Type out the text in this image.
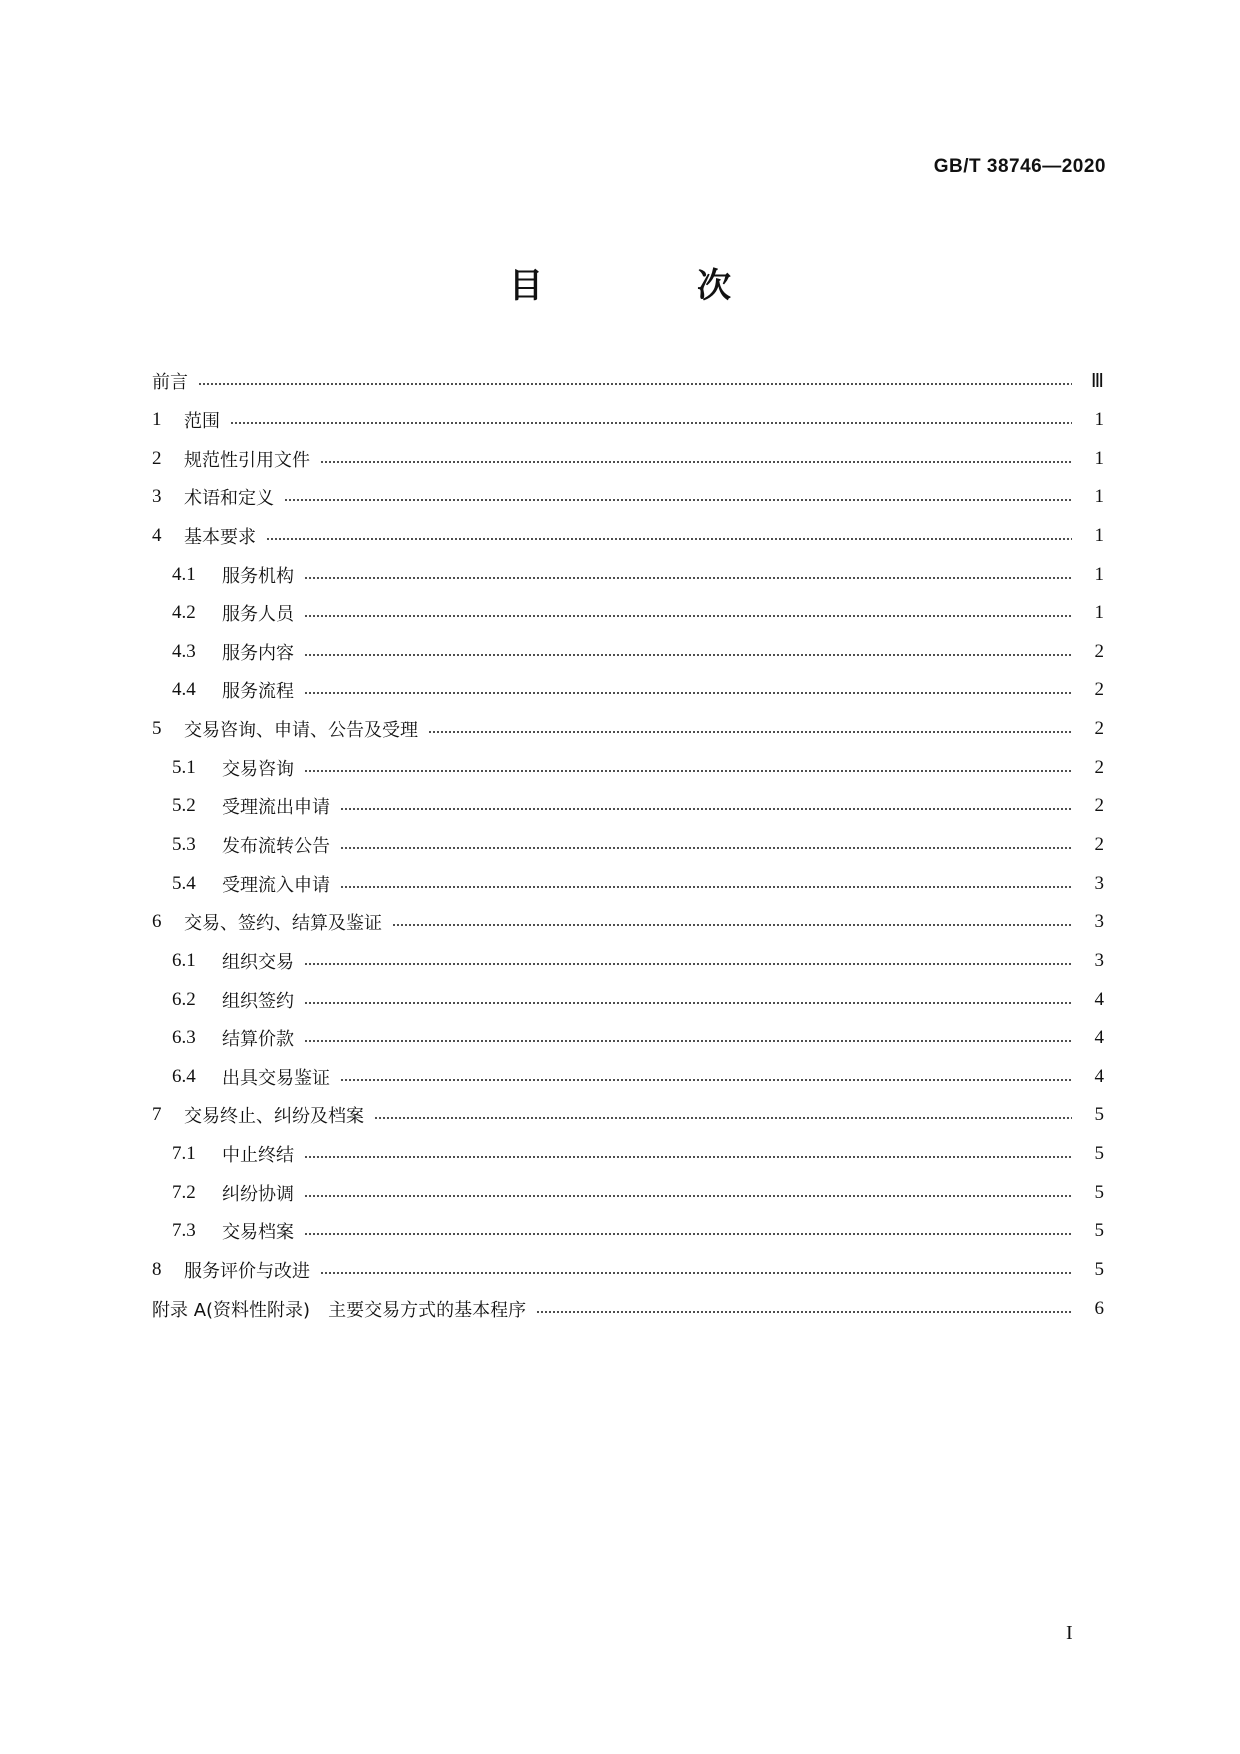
GB/T 38746—2020
目　次
前言	Ⅲ
1	范围	1
2	规范性引用文件	1
3	术语和定义	1
4	基本要求	1
4.1	服务机构	1
4.2	服务人员	1
4.3	服务内容	2
4.4	服务流程	2
5	交易咨询、申请、公告及受理	2
5.1	交易咨询	2
5.2	受理流出申请	2
5.3	发布流转公告	2
5.4	受理流入申请	3
6	交易、签约、结算及鉴证	3
6.1	组织交易	3
6.2	组织签约	4
6.3	结算价款	4
6.4	出具交易鉴证	4
7	交易终止、纠纷及档案	5
7.1	中止终结	5
7.2	纠纷协调	5
7.3	交易档案	5
8	服务评价与改进	5
附录 A(资料性附录)　主要交易方式的基本程序	6
I
